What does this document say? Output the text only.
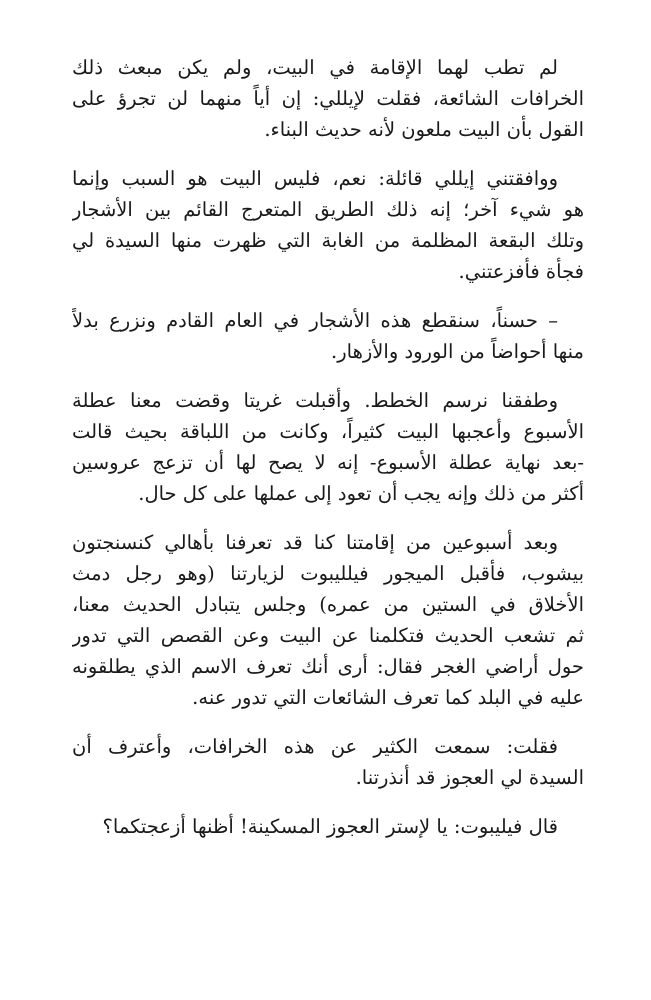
لم تطب لهما الإقامة في البيت، ولم يكن مبعث ذلك
الخرافات الشائعة، فقلت لإيللي: إن أياً منهما لن تجرؤ على
القول بأن البيت ملعون لأنه حديث البناء.
ووافقتني إيللي قائلة: نعم، فليس البيت هو السبب وإنما
هو شيء آخر؛ إنه ذلك الطريق المتعرج القائم بين الأشجار
وتلك البقعة المظلمة من الغابة التي ظهرت منها السيدة لي
فجأة فأفزعتني.
– حسناً، سنقطع هذه الأشجار في العام القادم ونزرع بدلاً
منها أحواضاً من الورود والأزهار.
وطفقنا نرسم الخطط. وأقبلت غريتا وقضت معنا عطلة
الأسبوع وأعجبها البيت كثيراً، وكانت من اللباقة بحيث قالت
-بعد نهاية عطلة الأسبوع- إنه لا يصح لها أن تزعج عروسين
أكثر من ذلك وإنه يجب أن تعود إلى عملها على كل حال.
وبعد أسبوعين من إقامتنا كنا قد تعرفنا بأهالي كنسنجتون
بيشوب، فأقبل الميجور فيلليبوت لزيارتنا (وهو رجل دمث
الأخلاق في الستين من عمره) وجلس يتبادل الحديث معنا،
ثم تشعب الحديث فتكلمنا عن البيت وعن القصص التي تدور
حول أراضي الغجر فقال: أرى أنك تعرف الاسم الذي يطلقونه
عليه في البلد كما تعرف الشائعات التي تدور عنه.
فقلت: سمعت الكثير عن هذه الخرافات، وأعترف أن
السيدة لي العجوز قد أنذرتنا.
قال فيليبوت: يا لإستر العجوز المسكينة! أظنها أزعجتكما؟
